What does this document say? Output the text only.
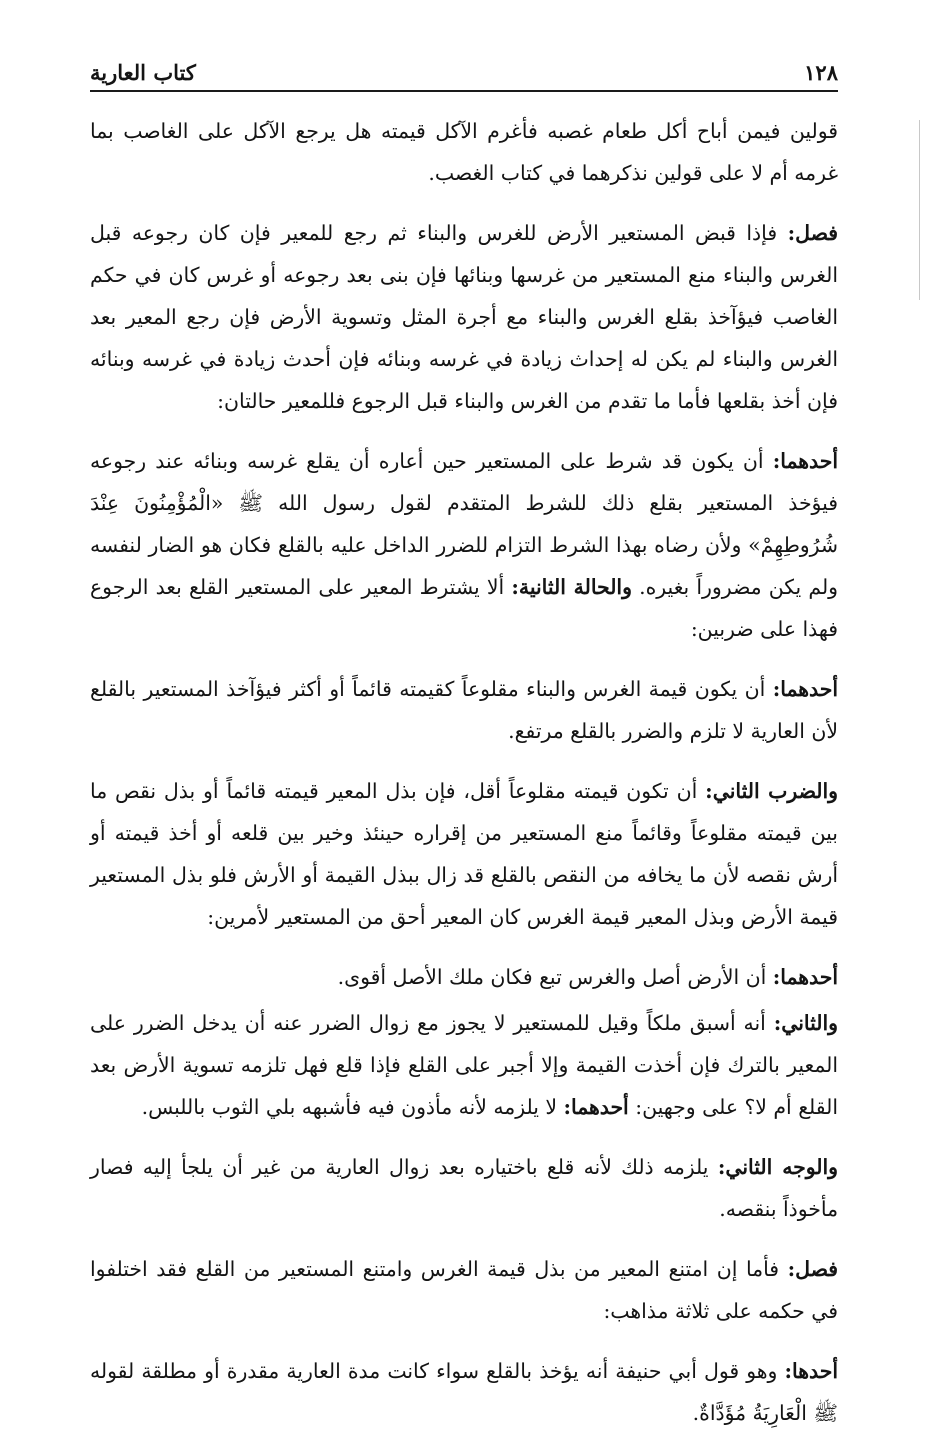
١٢٨
كتاب العارية

قولين فيمن أباح أكل طعام غصبه فأغرم الآكل قيمته هل يرجع الآكل على الغاصب بما غرمه أم لا على قولين نذكرهما في كتاب الغصب.

فصل: فإذا قبض المستعير الأرض للغرس والبناء ثم رجع للمعير فإن كان رجوعه قبل الغرس والبناء منع المستعير من غرسها وبنائها فإن بنى بعد رجوعه أو غرس كان في حكم الغاصب فيؤآخذ بقلع الغرس والبناء مع أجرة المثل وتسوية الأرض فإن رجع المعير بعد الغرس والبناء لم يكن له إحداث زيادة في غرسه وبنائه فإن أحدث زيادة في غرسه وبنائه فإن أخذ بقلعها فأما ما تقدم من الغرس والبناء قبل الرجوع فللمعير حالتان:

أحدهما: أن يكون قد شرط على المستعير حين أعاره أن يقلع غرسه وبنائه عند رجوعه فيؤخذ المستعير بقلع ذلك للشرط المتقدم لقول رسول الله ﷺ «الْمُؤْمِنُونَ عِنْدَ شُرُوطِهِمْ» ولأن رضاه بهذا الشرط التزام للضرر الداخل عليه بالقلع فكان هو الضار لنفسه ولم يكن مضروراً بغيره. والحالة الثانية: ألا يشترط المعير على المستعير القلع بعد الرجوع فهذا على ضربين:

أحدهما: أن يكون قيمة الغرس والبناء مقلوعاً كقيمته قائماً أو أكثر فيؤآخذ المستعير بالقلع لأن العارية لا تلزم والضرر بالقلع مرتفع.

والضرب الثاني: أن تكون قيمته مقلوعاً أقل، فإن بذل المعير قيمته قائماً أو بذل نقص ما بين قيمته مقلوعاً وقائماً منع المستعير من إقراره حينئذ وخير بين قلعه أو أخذ قيمته أو أرش نقصه لأن ما يخافه من النقص بالقلع قد زال ببذل القيمة أو الأرش فلو بذل المستعير قيمة الأرض وبذل المعير قيمة الغرس كان المعير أحق من المستعير لأمرين:

أحدهما: أن الأرض أصل والغرس تبع فكان ملك الأصل أقوى.

والثاني: أنه أسبق ملكاً وقيل للمستعير لا يجوز مع زوال الضرر عنه أن يدخل الضرر على المعير بالترك فإن أخذت القيمة وإلا أجبر على القلع فإذا قلع فهل تلزمه تسوية الأرض بعد القلع أم لا؟ على وجهين: أحدهما: لا يلزمه لأنه مأذون فيه فأشبهه بلي الثوب باللبس.

والوجه الثاني: يلزمه ذلك لأنه قلع باختياره بعد زوال العارية من غير أن يلجأ إليه فصار مأخوذاً بنقصه.

فصل: فأما إن امتنع المعير من بذل قيمة الغرس وامتنع المستعير من القلع فقد اختلفوا في حكمه على ثلاثة مذاهب:

أحدها: وهو قول أبي حنيفة أنه يؤخذ بالقلع سواء كانت مدة العارية مقدرة أو مطلقة لقوله ﷺ الْعَارِيَةُ مُؤَدَّاةٌ.
